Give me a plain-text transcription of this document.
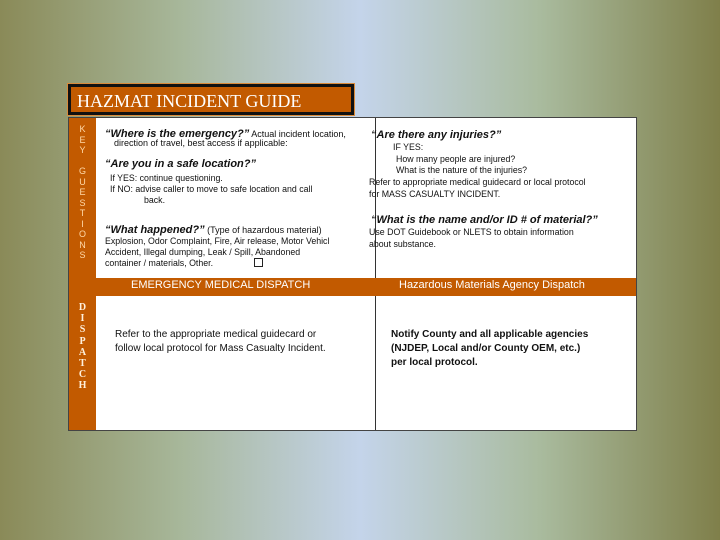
HAZMAT INCIDENT GUIDE
K
E
Y

G
U
E
S
T
I
O
N
S
“Where is the emergency?” Actual incident location,
direction of travel, best access if applicable:
“Are you in a safe location?”
If YES: continue questioning.
If NO: advise caller to move to safe location and call
back.
“What happened?” (Type of hazardous material)
Explosion, Odor Complaint, Fire, Air release, Motor Vehicl
Accident, Illegal dumping, Leak / Spill, Abandoned
container / materials, Other.
“Are there any injuries?”
IF YES:
How many people are injured?
What is the nature of the injuries?
Refer to appropriate medical guidecard or local protocol
for MASS CASUALTY INCIDENT.
“What is the name and/or ID # of material?”
Use DOT Guidebook or NLETS to obtain information
about substance.
EMERGENCY MEDICAL DISPATCH	Hazardous Materials Agency Dispatch
D
I
S
P
A
T
C
H
Refer to the appropriate medical guidecard or
follow local protocol for Mass Casualty Incident.
Notify County and all applicable agencies
(NJDEP, Local and/or County OEM, etc.)
per local protocol.
